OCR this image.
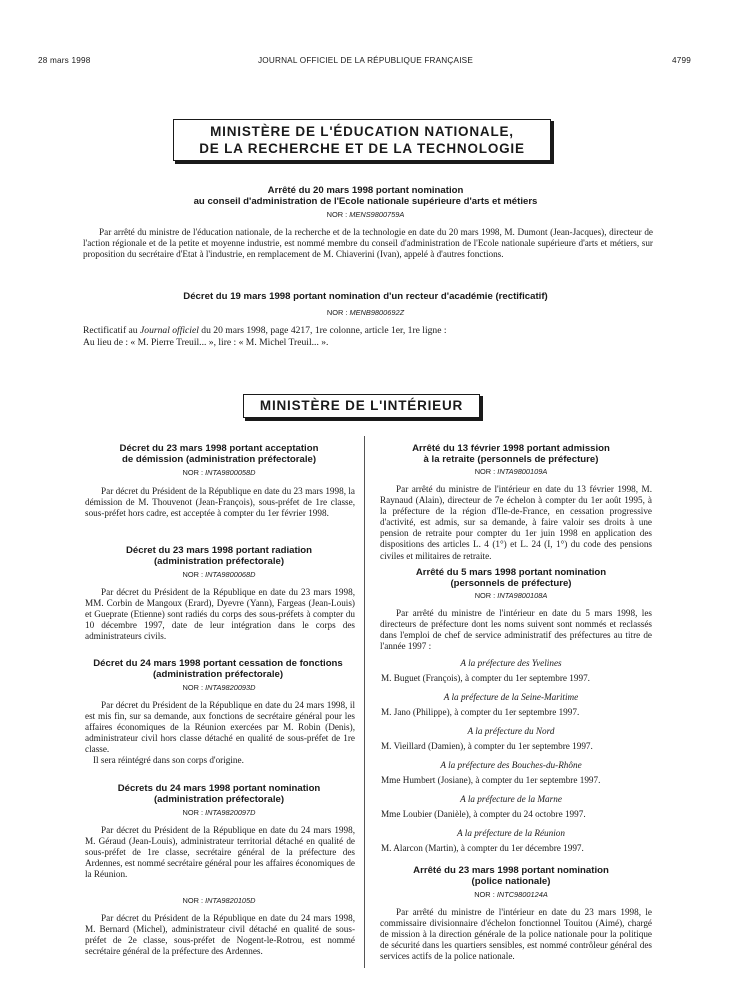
28 mars 1998	JOURNAL OFFICIEL DE LA RÉPUBLIQUE FRANÇAISE	4799
MINISTÈRE DE L'ÉDUCATION NATIONALE,
DE LA RECHERCHE ET DE LA TECHNOLOGIE
Arrêté du 20 mars 1998 portant nomination
au conseil d'administration de l'Ecole nationale supérieure d'arts et métiers
NOR : MENS9800759A

Par arrêté du ministre de l'éducation nationale, de la recherche et de la technologie en date du 20 mars 1998, M. Dumont (Jean-Jacques), directeur de l'action régionale et de la petite et moyenne industrie, est nommé membre du conseil d'administration de l'Ecole nationale supérieure d'arts et métiers, sur proposition du secrétaire d'Etat à l'industrie, en remplacement de M. Chiaverini (Ivan), appelé à d'autres fonctions.

Décret du 19 mars 1998 portant nomination d'un recteur d'académie (rectificatif)
NOR : MENB9800692Z

Rectificatif au Journal officiel du 20 mars 1998, page 4217, 1re colonne, article 1er, 1re ligne :

Au lieu de : « M. Pierre Treuil... », lire : « M. Michel Treuil... ».

MINISTÈRE DE L'INTÉRIEUR
Décret du 23 mars 1998 portant acceptation
de démission (administration préfectorale)
NOR : INTA9800058D

Par décret du Président de la République en date du 23 mars 1998, la démission de M. Thouvenot (Jean-François), sous-préfet de 1re classe, sous-préfet hors cadre, est acceptée à compter du 1er février 1998.

Décret du 23 mars 1998 portant radiation
(administration préfectorale)
NOR : INTA9800068D

Par décret du Président de la République en date du 23 mars 1998, MM. Corbin de Mangoux (Erard), Dyevre (Yann), Fargeas (Jean-Louis) et Gueprate (Etienne) sont radiés du corps des sous-préfets à compter du 10 décembre 1997, date de leur intégration dans le corps des administrateurs civils.

Décret du 24 mars 1998 portant cessation de fonctions
(administration préfectorale)
NOR : INTA9820093D

Par décret du Président de la République en date du 24 mars 1998, il est mis fin, sur sa demande, aux fonctions de secrétaire général pour les affaires économiques de la Réunion exercées par M. Robin (Denis), administrateur civil hors classe détaché en qualité de sous-préfet de 1re classe.

Il sera réintégré dans son corps d'origine.

Décrets du 24 mars 1998 portant nomination
(administration préfectorale)
NOR : INTA9820097D

Par décret du Président de la République en date du 24 mars 1998, M. Géraud (Jean-Louis), administrateur territorial détaché en qualité de sous-préfet de 1re classe, secrétaire général de la préfecture des Ardennes, est nommé secrétaire général pour les affaires économiques de la Réunion.

NOR : INTA9820105D

Par décret du Président de la République en date du 24 mars 1998, M. Bernard (Michel), administrateur civil détaché en qualité de sous-préfet de 2e classe, sous-préfet de Nogent-le-Rotrou, est nommé secrétaire général de la préfecture des Ardennes.

Arrêté du 13 février 1998 portant admission
à la retraite (personnels de préfecture)
NOR : INTA9800109A

Par arrêté du ministre de l'intérieur en date du 13 février 1998, M. Raynaud (Alain), directeur de 7e échelon à compter du 1er août 1995, à la préfecture de la région d'Ile-de-France, en cessation progressive d'activité, est admis, sur sa demande, à faire valoir ses droits à une pension de retraite pour compter du 1er juin 1998 en application des dispositions des articles L. 4 (1°) et L. 24 (I, 1°) du code des pensions civiles et militaires de retraite.

Arrêté du 5 mars 1998 portant nomination
(personnels de préfecture)
NOR : INTA9800108A

Par arrêté du ministre de l'intérieur en date du 5 mars 1998, les directeurs de préfecture dont les noms suivent sont nommés et reclassés dans l'emploi de chef de service administratif des préfectures au titre de l'année 1997 :

A la préfecture des Yvelines
M. Buguet (François), à compter du 1er septembre 1997.
A la préfecture de la Seine-Maritime
M. Jano (Philippe), à compter du 1er septembre 1997.
A la préfecture du Nord
M. Vieillard (Damien), à compter du 1er septembre 1997.
A la préfecture des Bouches-du-Rhône
Mme Humbert (Josiane), à compter du 1er septembre 1997.
A la préfecture de la Marne
Mme Loubier (Danièle), à compter du 24 octobre 1997.
A la préfecture de la Réunion
M. Alarcon (Martin), à compter du 1er décembre 1997.
Arrêté du 23 mars 1998 portant nomination
(police nationale)
NOR : INTC9800124A

Par arrêté du ministre de l'intérieur en date du 23 mars 1998, le commissaire divisionnaire d'échelon fonctionnel Touitou (Aimé), chargé de mission à la direction générale de la police nationale pour la politique de sécurité dans les quartiers sensibles, est nommé contrôleur général des services actifs de la police nationale.
